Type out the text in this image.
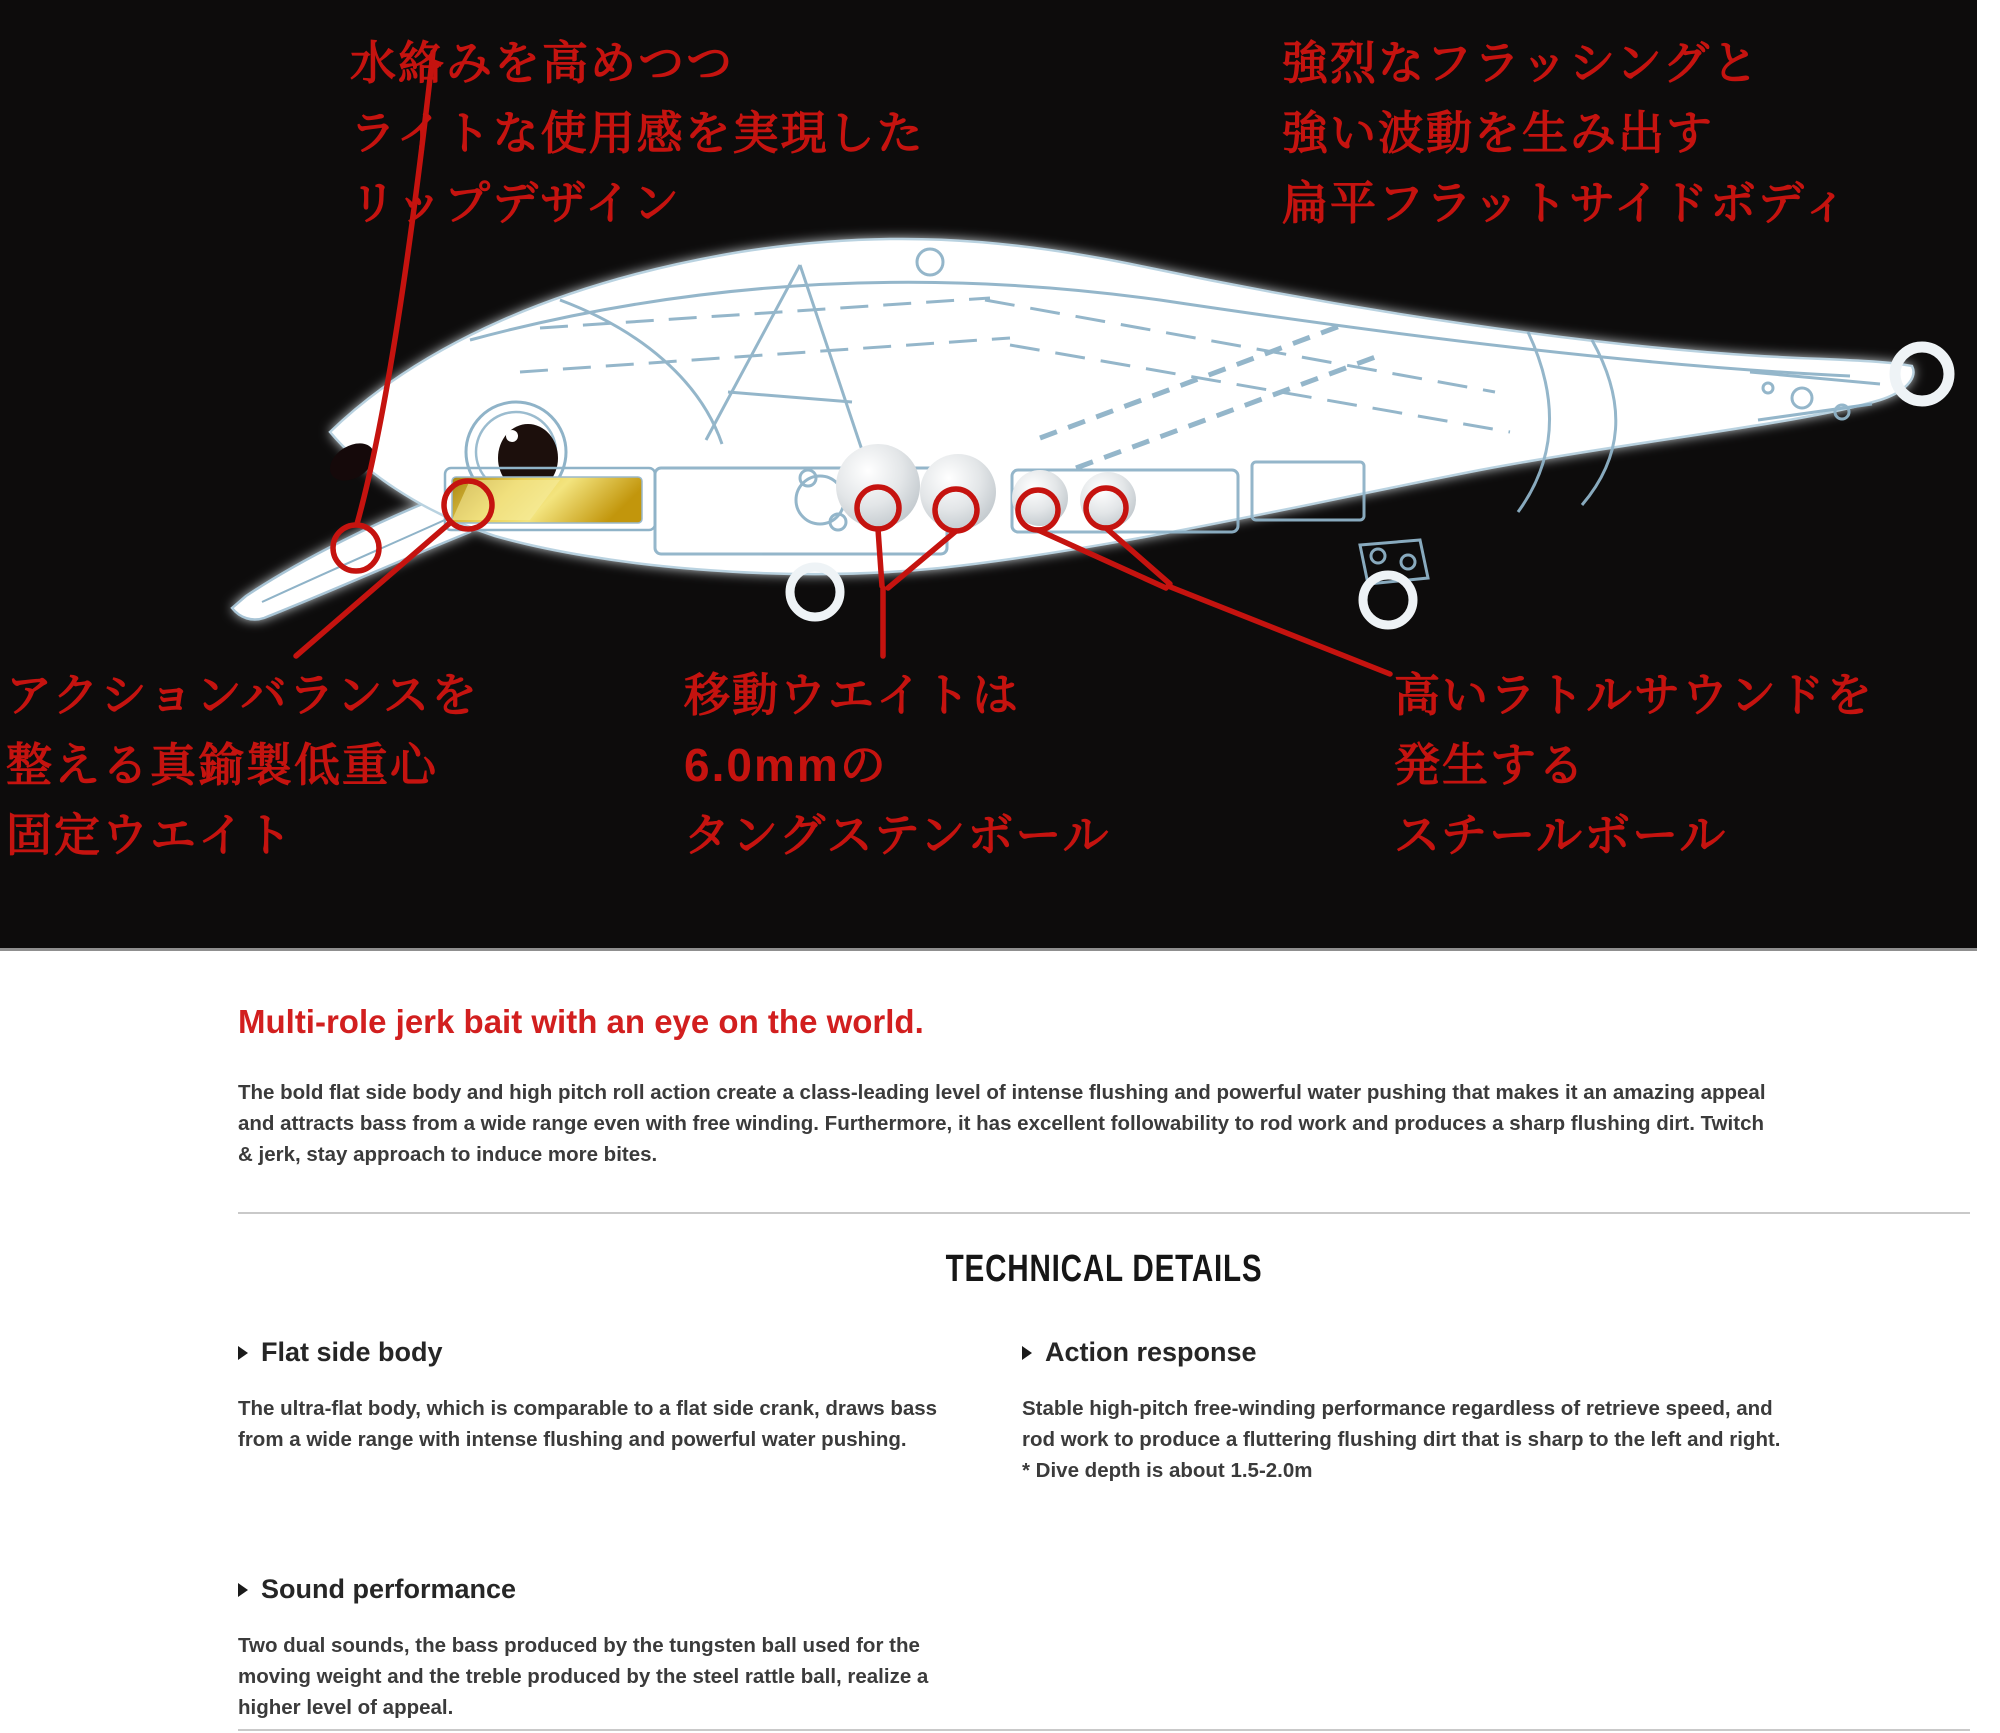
水絡みを高めつつ
ライトな使用感を実現した
リップデザイン
強烈なフラッシングと
強い波動を生み出す
扁平フラットサイドボディ
アクションバランスを
整える真鍮製低重心
固定ウエイト
移動ウエイトは
6.0mmの
タングステンボール
高いラトルサウンドを
発生する
スチールボール
Multi-role jerk bait with an eye on the world.
The bold flat side body and high pitch roll action create a class-leading level of intense flushing and powerful water pushing that makes it an amazing appeal and attracts bass from a wide range even with free winding. Furthermore, it has excellent followability to rod work and produces a sharp flushing dirt. Twitch & jerk, stay approach to induce more bites.
TECHNICAL DETAILS
Flat side body
The ultra-flat body, which is comparable to a flat side crank, draws bass from a wide range with intense flushing and powerful water pushing.
Action response
Stable high-pitch free-winding performance regardless of retrieve speed, and rod work to produce a fluttering flushing dirt that is sharp to the left and right. * Dive depth is about 1.5-2.0m
Sound performance
Two dual sounds, the bass produced by the tungsten ball used for the moving weight and the treble produced by the steel rattle ball, realize a higher level of appeal.
